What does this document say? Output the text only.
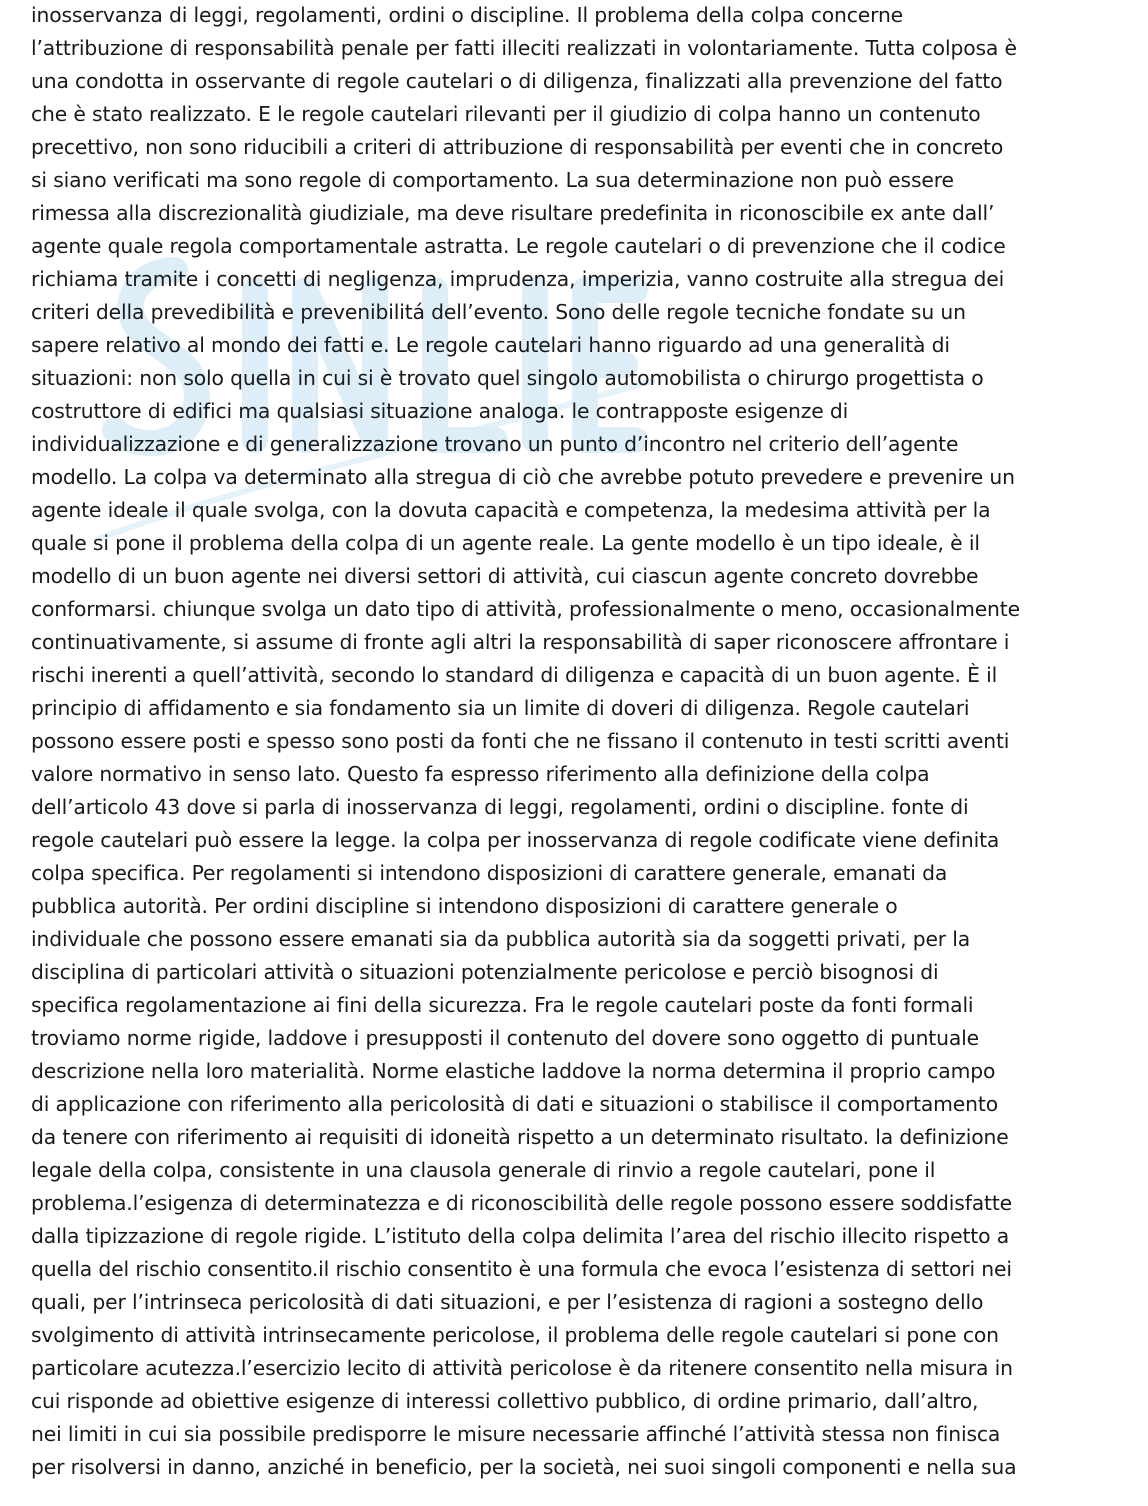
inosservanza di leggi, regolamenti, ordini o discipline. Il problema della colpa concerne
l’attribuzione di responsabilità penale per fatti illeciti realizzati in volontariamente. Tutta colposa è
una condotta in osservante di regole cautelari o di diligenza, finalizzati alla prevenzione del fatto
che è stato realizzato. E le regole cautelari rilevanti per il giudizio di colpa hanno un contenuto
precettivo, non sono riducibili a criteri di attribuzione di responsabilità per eventi che in concreto
si siano verificati ma sono regole di comportamento. La sua determinazione non può essere
rimessa alla discrezionalità giudiziale, ma deve risultare predefinita in riconoscibile ex ante dall’
agente quale regola comportamentale astratta. Le regole cautelari o di prevenzione che il codice
richiama tramite i concetti di negligenza, imprudenza, imperizia, vanno costruite alla stregua dei
criteri della prevedibilità e prevenibilitá dell’evento. Sono delle regole tecniche fondate su un
sapere relativo al mondo dei fatti e. Le regole cautelari hanno riguardo ad una generalità di
situazioni: non solo quella in cui si è trovato quel singolo automobilista o chirurgo progettista o
costruttore di edifici ma qualsiasi situazione analoga. le contrapposte esigenze di
individualizzazione e di generalizzazione trovano un punto d’incontro nel criterio dell’agente
modello. La colpa va determinato alla stregua di ciò che avrebbe potuto prevedere e prevenire un
agente ideale il quale svolga, con la dovuta capacità e competenza, la medesima attività per la
quale si pone il problema della colpa di un agente reale. La gente modello è un tipo ideale, è il
modello di un buon agente nei diversi settori di attività, cui ciascun agente concreto dovrebbe
conformarsi. chiunque svolga un dato tipo di attività, professionalmente o meno, occasionalmente
continuativamente, si assume di fronte agli altri la responsabilità di saper riconoscere affrontare i
rischi inerenti a quell’attività, secondo lo standard di diligenza e capacità di un buon agente. È il
principio di affidamento e sia fondamento sia un limite di doveri di diligenza. Regole cautelari
possono essere posti e spesso sono posti da fonti che ne fissano il contenuto in testi scritti aventi
valore normativo in senso lato. Questo fa espresso riferimento alla definizione della colpa
dell’articolo 43 dove si parla di inosservanza di leggi, regolamenti, ordini o discipline. fonte di
regole cautelari può essere la legge. la colpa per inosservanza di regole codificate viene definita
colpa specifica. Per regolamenti si intendono disposizioni di carattere generale, emanati da
pubblica autorità. Per ordini discipline si intendono disposizioni di carattere generale o
individuale che possono essere emanati sia da pubblica autorità sia da soggetti privati, per la
disciplina di particolari attività o situazioni potenzialmente pericolose e perciò bisognosi di
specifica regolamentazione ai fini della sicurezza. Fra le regole cautelari poste da fonti formali
troviamo norme rigide, laddove i presupposti il contenuto del dovere sono oggetto di puntuale
descrizione nella loro materialità. Norme elastiche laddove la norma determina il proprio campo
di applicazione con riferimento alla pericolosità di dati e situazioni o stabilisce il comportamento
da tenere con riferimento ai requisiti di idoneità rispetto a un determinato risultato. la definizione
legale della colpa, consistente in una clausola generale di rinvio a regole cautelari, pone il
problema.l’esigenza di determinatezza e di riconoscibilità delle regole possono essere soddisfatte
dalla tipizzazione di regole rigide. L’istituto della colpa delimita l’area del rischio illecito rispetto a
quella del rischio consentito.il rischio consentito è una formula che evoca l’esistenza di settori nei
quali, per l’intrinseca pericolosità di dati situazioni, e per l’esistenza di ragioni a sostegno dello
svolgimento di attività intrinsecamente pericolose, il problema delle regole cautelari si pone con
particolare acutezza.l’esercizio lecito di attività pericolose è da ritenere consentito nella misura in
cui risponde ad obiettive esigenze di interessi collettivo pubblico, di ordine primario, dall’altro,
nei limiti in cui sia possibile predisporre le misure necessarie affinché l’attività stessa non finisca
per risolversi in danno, anziché in beneficio, per la società, nei suoi singoli componenti e nella sua
